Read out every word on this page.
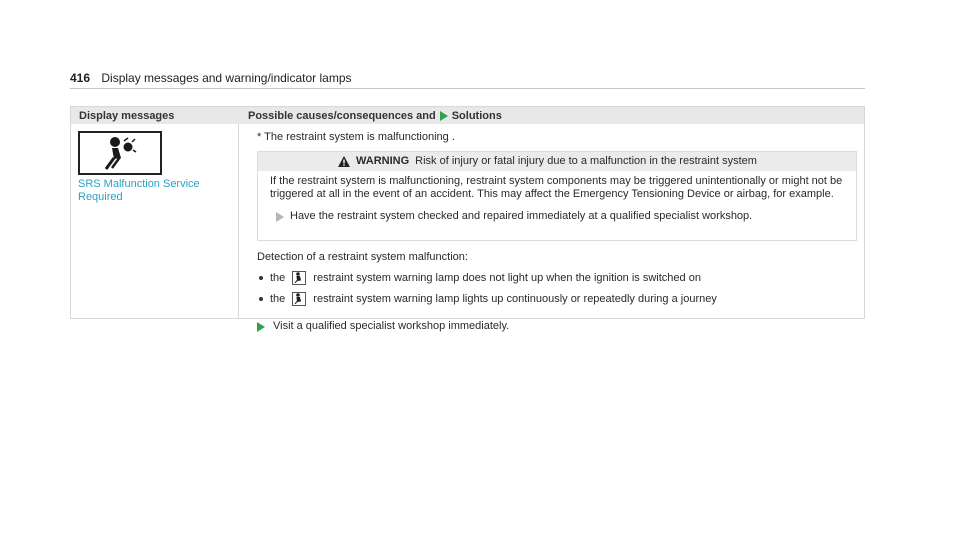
416 Display messages and warning/indicator lamps
Display messages	Possible causes/consequences and Solutions
SRS Malfunction Service Required
* The restraint system is malfunctioning .
WARNING Risk of injury or fatal injury due to a malfunction in the restraint system

If the restraint system is malfunctioning, restraint system components may be triggered unintentionally or might not be triggered at all in the event of an accident. This may affect the Emergency Tensioning Device or airbag, for example.

Have the restraint system checked and repaired immediately at a qualified specialist workshop.
Detection of a restraint system malfunction:
the	restraint system warning lamp does not light up when the ignition is switched on
the	restraint system warning lamp lights up continuously or repeatedly during a journey
Visit a qualified specialist workshop immediately.
